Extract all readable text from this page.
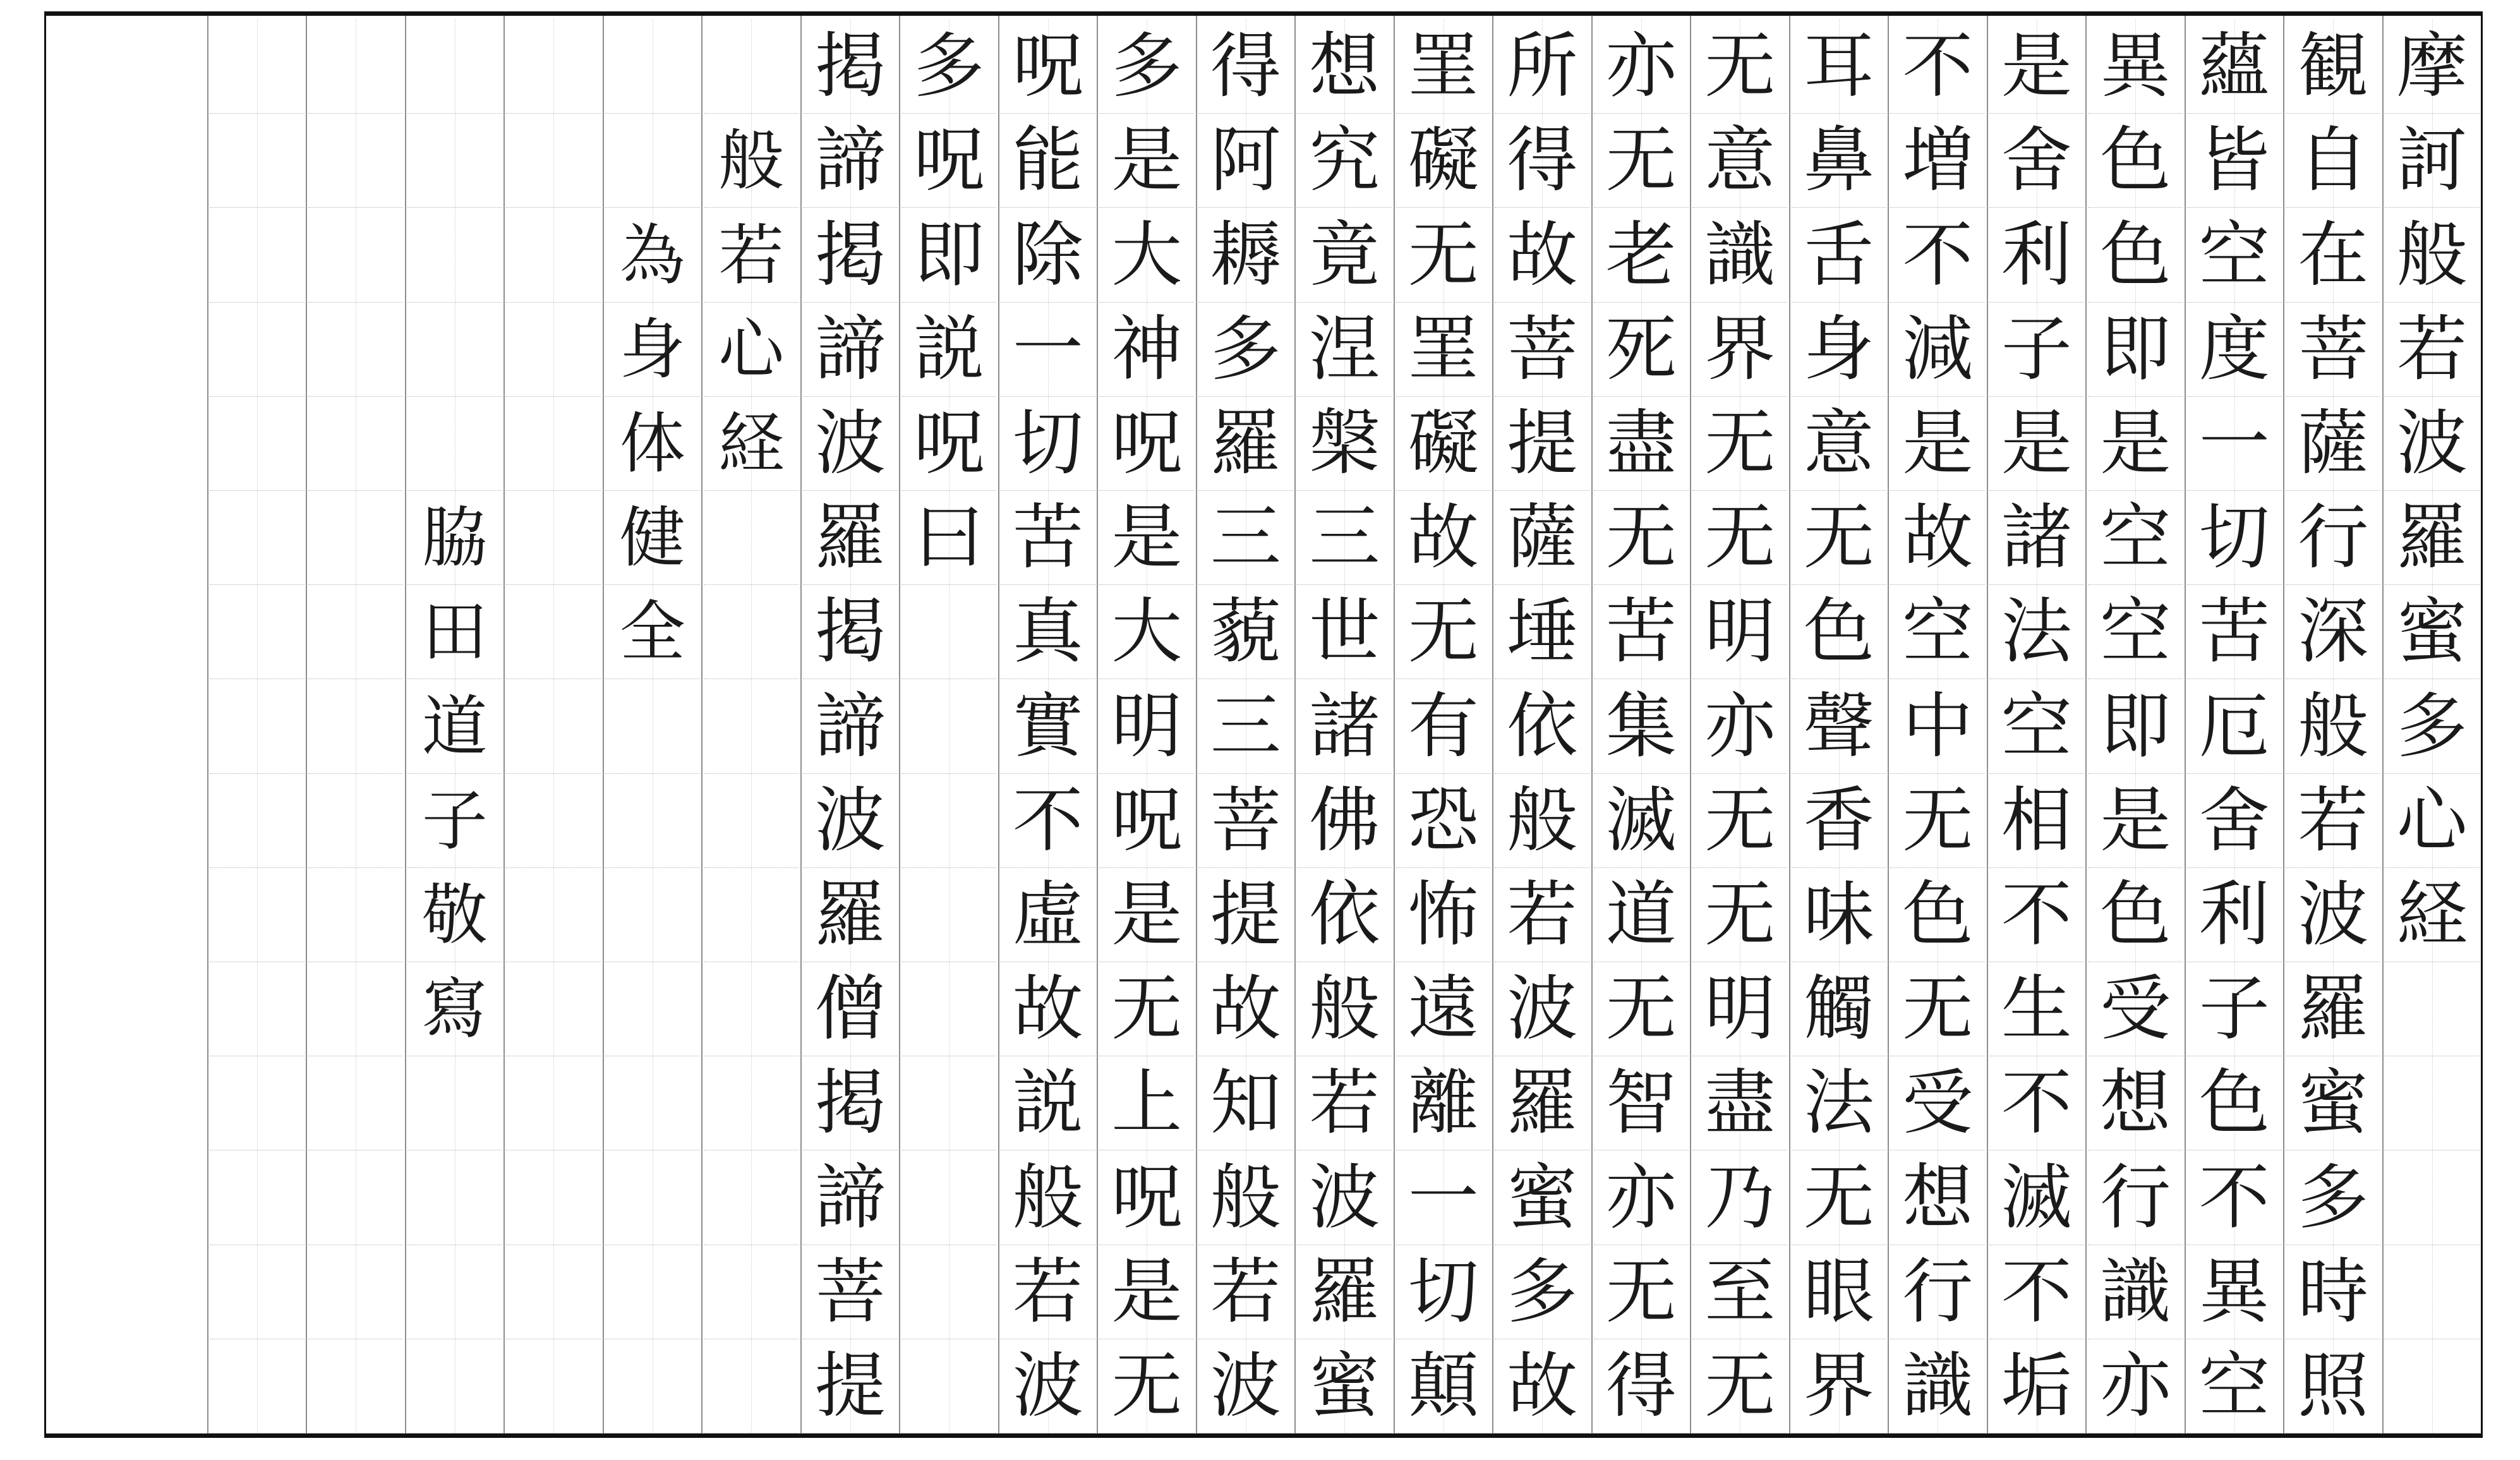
摩
訶
般
若
波
羅
蜜
多
心
経
観
自
在
菩
薩
行
深
般
若
波
羅
蜜
多
時
照
蘊
皆
空
度
一
切
苦
厄
舍
利
子
色
不
異
空
異
色
色
即
是
空
空
即
是
色
受
想
行
識
亦
是
舍
利
子
是
諸
法
空
相
不
生
不
滅
不
垢
不
増
不
減
是
故
空
中
无
色
无
受
想
行
識
耳
鼻
舌
身
意
无
色
聲
香
味
觸
法
无
眼
界
无
意
識
界
无
无
明
亦
无
无
明
盡
乃
至
无
亦
无
老
死
盡
无
苦
集
滅
道
无
智
亦
无
得
所
得
故
菩
提
薩
埵
依
般
若
波
羅
蜜
多
故
罣
礙
无
罣
礙
故
无
有
恐
怖
遠
離
一
切
顛
想
究
竟
涅
槃
三
世
諸
佛
依
般
若
波
羅
蜜
得
阿
耨
多
羅
三
藐
三
菩
提
故
知
般
若
波
多
是
大
神
呪
是
大
明
呪
是
无
上
呪
是
无
呪
能
除
一
切
苦
真
實
不
虛
故
説
般
若
波
多
呪
即
説
呪
曰
掲
諦
掲
諦
波
羅
掲
諦
波
羅
僧
掲
諦
菩
提
般
若
心
経
為
身
体
健
全
脇
田
道
子
敬
寫
